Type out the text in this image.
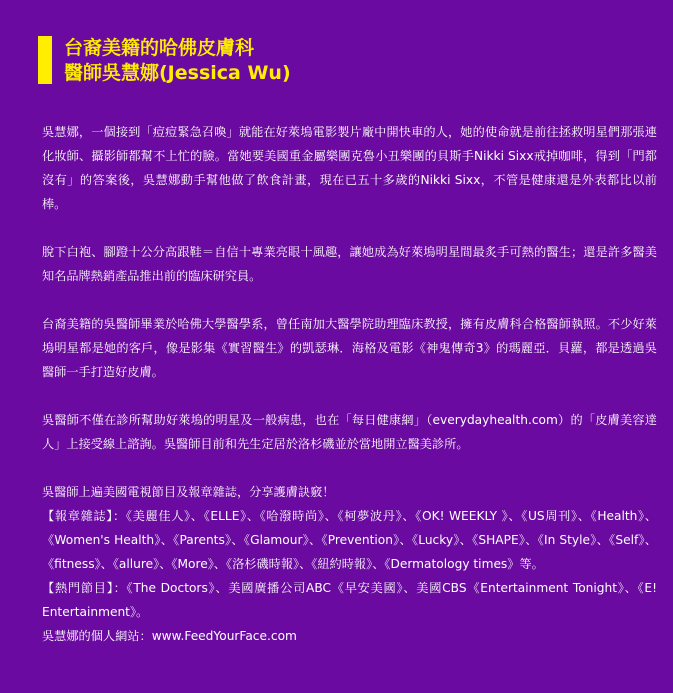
台裔美籍的哈佛皮膚科
醫師吳慧娜(Jessica Wu)

吳慧娜，一個接到「痘痘緊急召喚」就能在好萊塢電影製片廠中開快車的人，她的使命就是前往拯救明星們那張連化妝師、攝影師都幫不上忙的臉。當她要美國重金屬樂團克魯小丑樂團的貝斯手Nikki Sixx戒掉咖啡，得到「門都沒有」的答案後，吳慧娜動手幫他做了飲食計畫，現在已五十多歲的Nikki Sixx，不管是健康還是外表都比以前棒。

脫下白袍、腳蹬十公分高跟鞋＝自信十專業亮眼十風趣，讓她成為好萊塢明星間最炙手可熱的醫生；還是許多醫美知名品牌熱銷產品推出前的臨床研究員。

台裔美籍的吳醫師畢業於哈佛大學醫學系，曾任南加大醫學院助理臨床教授，擁有皮膚科合格醫師執照。不少好萊塢明星都是她的客戶，像是影集《實習醫生》的凱瑟琳．海格及電影《神鬼傳奇3》的瑪麗亞．貝蘿，都是透過吳醫師一手打造好皮膚。

吳醫師不僅在診所幫助好萊塢的明星及一般病患，也在「每日健康網」（everydayhealth.com）的「皮膚美容達人」上接受線上諮詢。吳醫師目前和先生定居於洛杉磯並於當地開立醫美診所。

吳醫師上遍美國電視節目及報章雜誌，分享護膚訣竅！
【報章雜誌】：《美麗佳人》、《ELLE》、《哈潑時尚》、《柯夢波丹》、《OK! WEEKLY 》、《US周刊》、《Health》、《Women's Health》、《Parents》、《Glamour》、《Prevention》、《Lucky》、《SHAPE》、《In Style》、《Self》、《fitness》、《allure》、《More》、《洛杉磯時報》、《紐約時報》、《Dermatology times》等。
【熱門節目】：《The Doctors》、美國廣播公司ABC《早安美國》、美國CBS《Entertainment Tonight》、《E! Entertainment》。
吳慧娜的個人網站：www.FeedYourFace.com
